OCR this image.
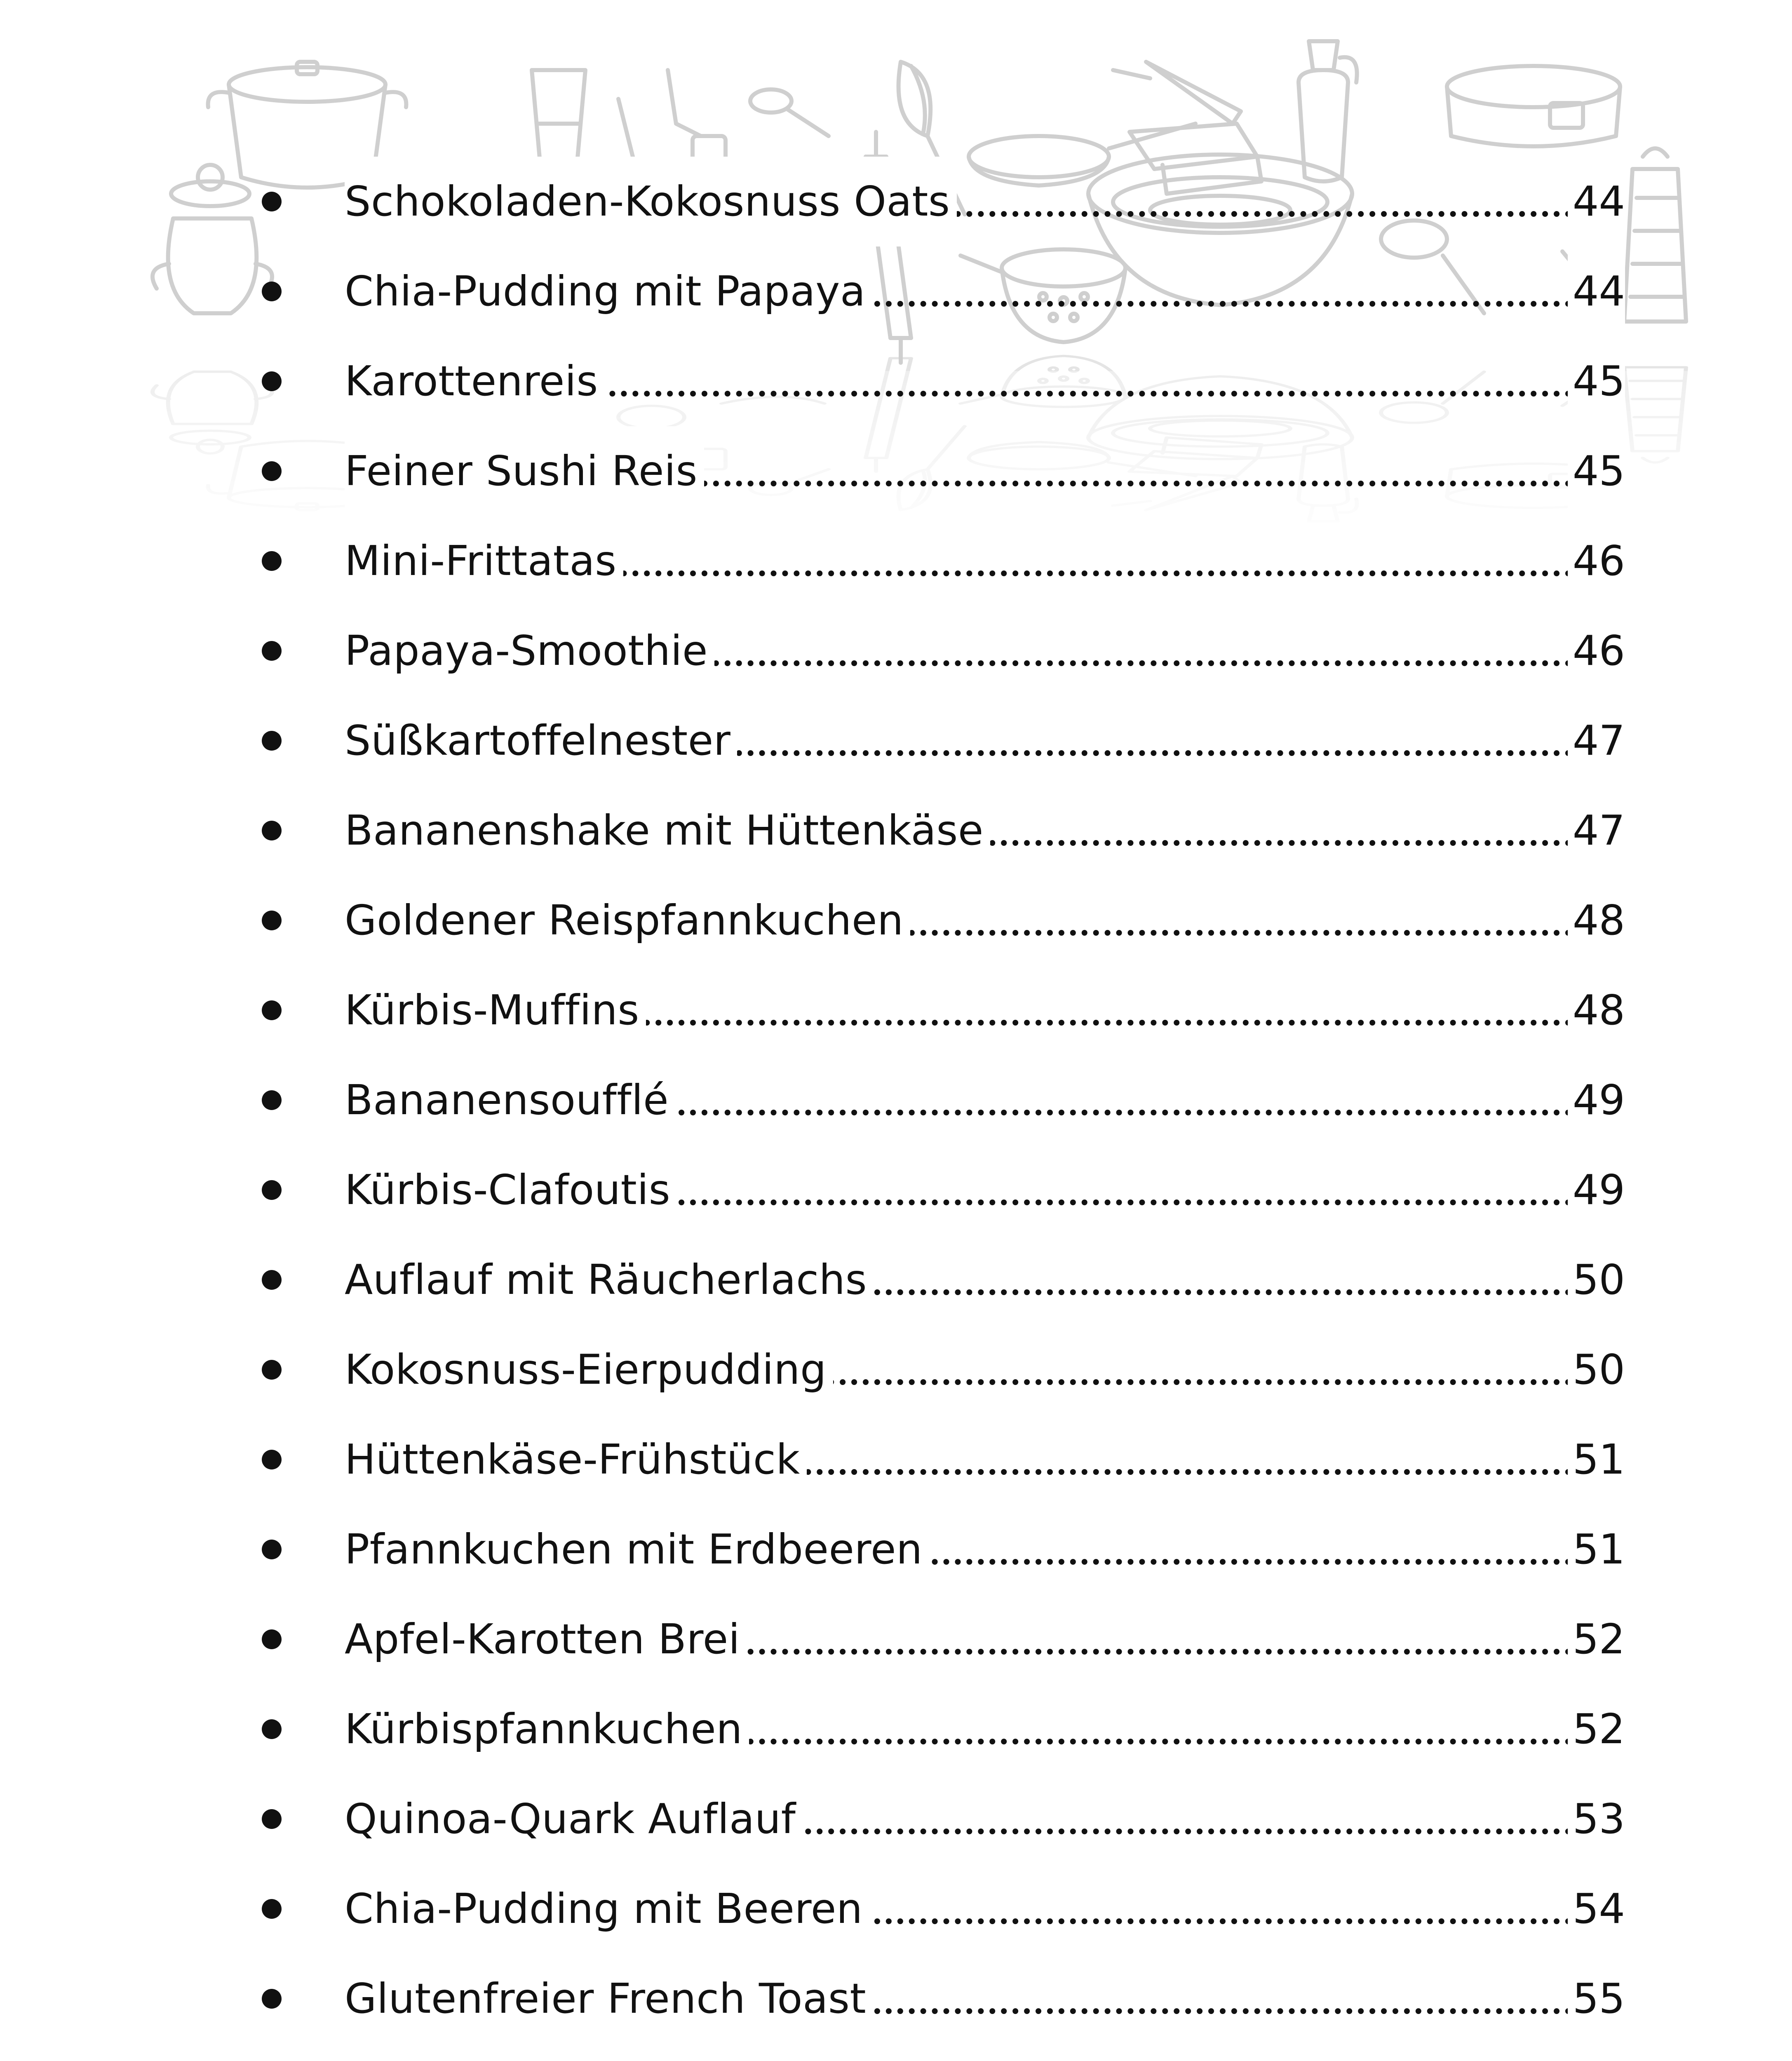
Schokoladen-Kokosnuss Oats	44
Chia-Pudding mit Papaya	44
Karottenreis	45
Feiner Sushi Reis	45
Mini-Frittatas	46
Papaya-Smoothie	46
Süßkartoffelnester	47
Bananenshake mit Hüttenkäse	47
Goldener Reispfannkuchen	48
Kürbis-Muffins	48
Bananensoufflé	49
Kürbis-Clafoutis	49
Auflauf mit Räucherlachs	50
Kokosnuss-Eierpudding	50
Hüttenkäse-Frühstück	51
Pfannkuchen mit Erdbeeren	51
Apfel-Karotten Brei	52
Kürbispfannkuchen	52
Quinoa-Quark Auflauf	53
Chia-Pudding mit Beeren	54
Glutenfreier French Toast	55
